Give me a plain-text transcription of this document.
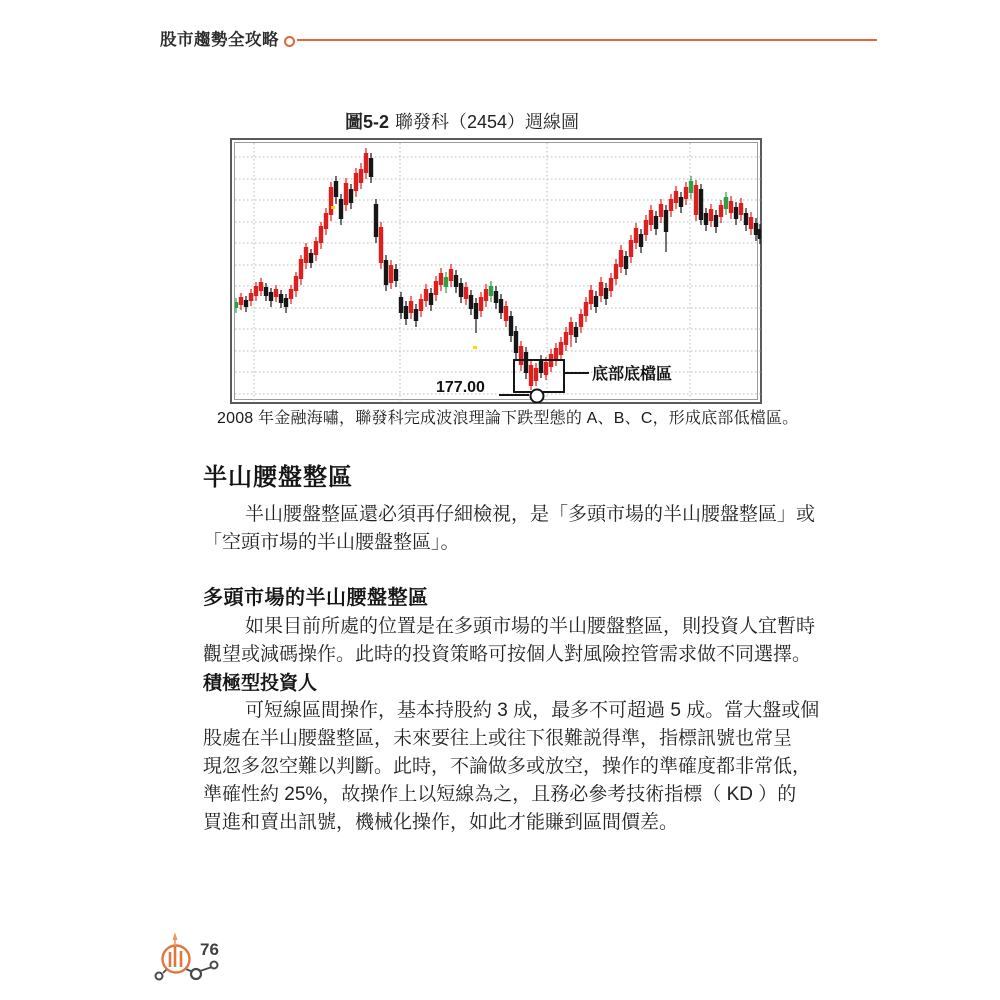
股市趨勢全攻略
圖5-2 聯發科（2454）週線圖
底部底檔區
177.00
2008 年金融海嘯，聯發科完成波浪理論下跌型態的 A、B、C，形成底部低檔區。
半山腰盤整區
半山腰盤整區還必須再仔細檢視，是「多頭市場的半山腰盤整區」或
「空頭市場的半山腰盤整區」。
多頭市場的半山腰盤整區
如果目前所處的位置是在多頭市場的半山腰盤整區，則投資人宜暫時
觀望或減碼操作。此時的投資策略可按個人對風險控管需求做不同選擇。
積極型投資人
可短線區間操作，基本持股約 3 成，最多不可超過 5 成。當大盤或個
股處在半山腰盤整區，未來要往上或往下很難説得準，指標訊號也常呈
現忽多忽空難以判斷。此時，不論做多或放空，操作的準確度都非常低，
準確性約 25%，故操作上以短線為之，且務必參考技術指標（ KD ）的
買進和賣出訊號，機械化操作，如此才能賺到區間價差。
76
